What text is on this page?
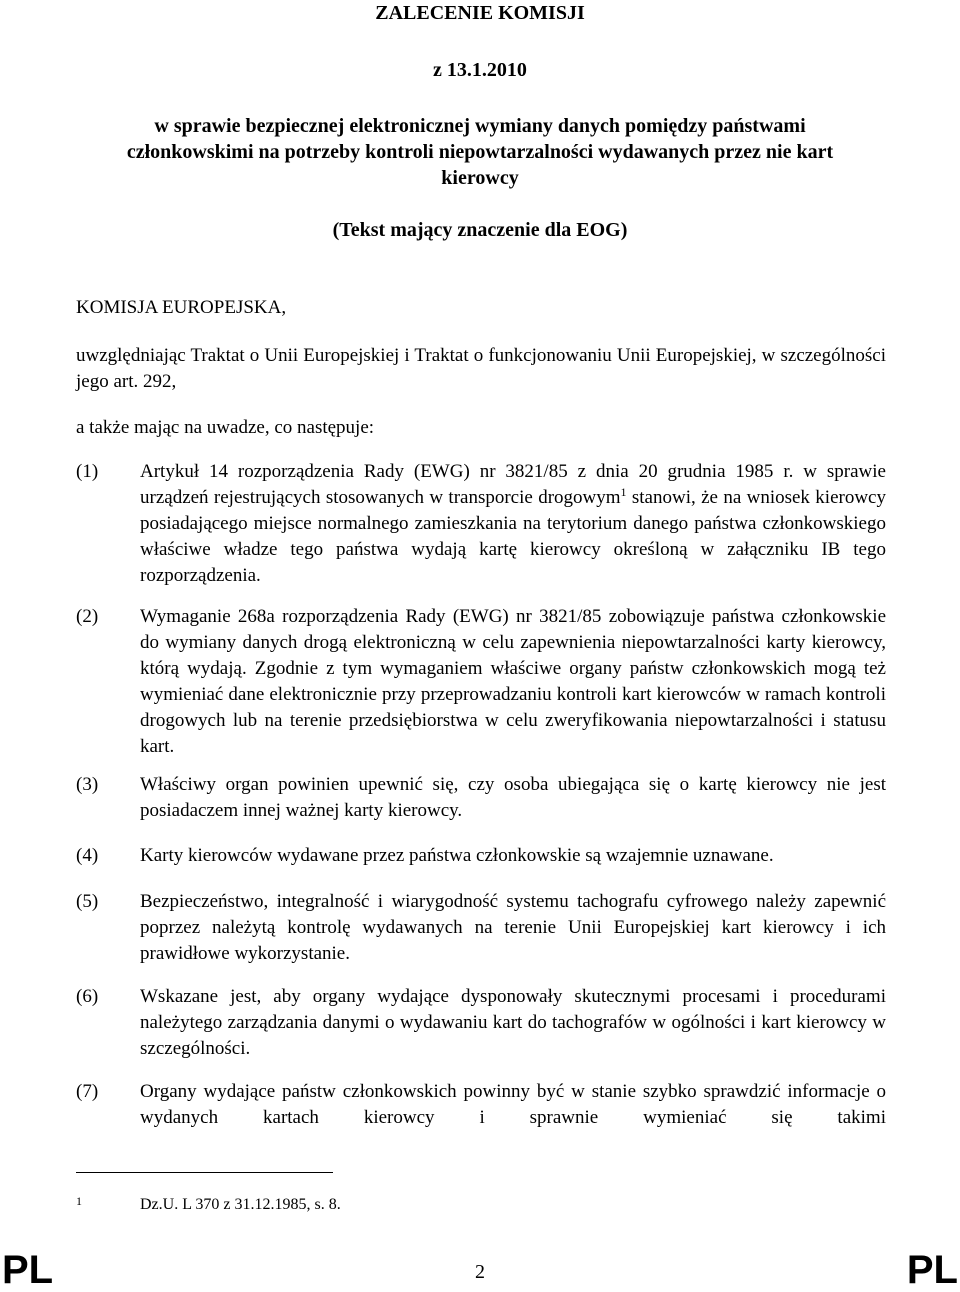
ZALECENIE KOMISJI
z 13.1.2010
w sprawie bezpiecznej elektronicznej wymiany danych pomiędzy państwami członkowskimi na potrzeby kontroli niepowtarzalności wydawanych przez nie kart kierowcy
(Tekst mający znaczenie dla EOG)
KOMISJA EUROPEJSKA,
uwzględniając Traktat o Unii Europejskiej i Traktat o funkcjonowaniu Unii Europejskiej, w szczególności jego art. 292,
a także mając na uwadze, co następuje:
(1)	Artykuł 14 rozporządzenia Rady (EWG) nr 3821/85 z dnia 20 grudnia 1985 r. w sprawie urządzeń rejestrujących stosowanych w transporcie drogowym$^1$ stanowi, że na wniosek kierowcy posiadającego miejsce normalnego zamieszkania na terytorium danego państwa członkowskiego właściwe władze tego państwa wydają kartę kierowcy określoną w załączniku IB tego rozporządzenia.
(2)	Wymaganie 268a rozporządzenia Rady (EWG) nr 3821/85 zobowiązuje państwa członkowskie do wymiany danych drogą elektroniczną w celu zapewnienia niepowtarzalności karty kierowcy, którą wydają. Zgodnie z tym wymaganiem właściwe organy państw członkowskich mogą też wymieniać dane elektronicznie przy przeprowadzaniu kontroli kart kierowców w ramach kontroli drogowych lub na terenie przedsiębiorstwa w celu zweryfikowania niepowtarzalności i statusu kart.
(3)	Właściwy organ powinien upewnić się, czy osoba ubiegająca się o kartę kierowcy nie jest posiadaczem innej ważnej karty kierowcy.
(4)	Karty kierowców wydawane przez państwa członkowskie są wzajemnie uznawane.
(5)	Bezpieczeństwo, integralność i wiarygodność systemu tachografu cyfrowego należy zapewnić poprzez należytą kontrolę wydawanych na terenie Unii Europejskiej kart kierowcy i ich prawidłowe wykorzystanie.
(6)	Wskazane jest, aby organy wydające dysponowały skutecznymi procesami i procedurami należytego zarządzania danymi o wydawaniu kart do tachografów w ogólności i kart kierowcy w szczególności.
(7)	Organy wydające państw członkowskich powinny być w stanie szybko sprawdzić informacje o wydanych kartach kierowcy i sprawnie wymieniać się takimi
1	Dz.U. L 370 z 31.12.1985, s. 8.
PL	2	PL
